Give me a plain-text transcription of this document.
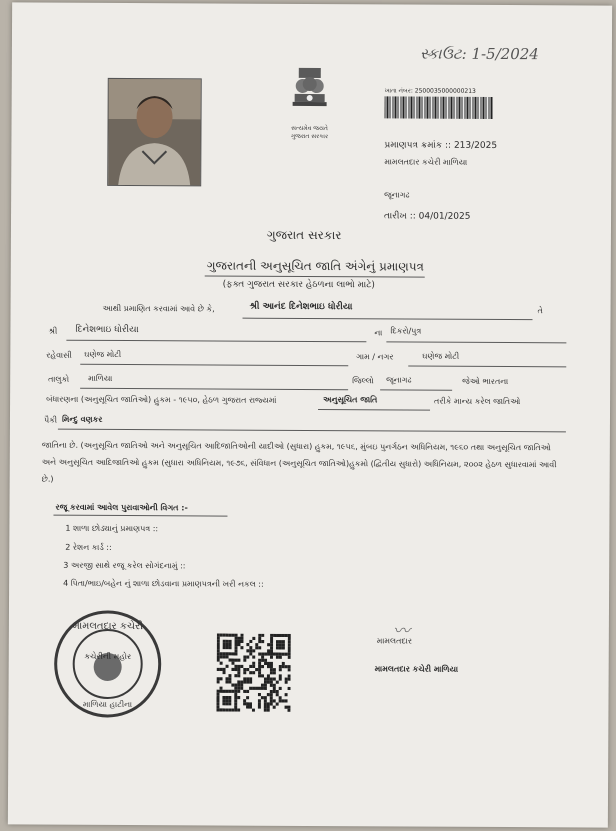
સ્કાઉટ: 1-5/2024
સત્યમેવ જયતે
ગુજરાત સરકાર
ખાતા નંબર: 2500035000000213
પ્રમાણપત્ર ક્રમાંક :: 213/2025
મામલતદાર કચેરી માળિયા
જૂનાગઢ
તારીખ :: 04/01/2025
ગુજરાત સરકાર
ગુજરાતની અનુસૂચિત જાતિ અંગેનું પ્રમાણપત્ર
(ફક્ત ગુજરાત સરકાર હેઠળના લાભો માટે)
આથી પ્રમાણિત કરવામાં આવે છે કે,	શ્રી આનંદ દિનેશભાઇ ધોરીયા	તે
શ્રી દિનેશભાઇ ધોરીયા	ના દિકરો/પુત્ર
રહેવાસી ઘણેજ મોટી	ગામ / નગર	ઘણેજ મોટી
તાલુકો માળિયા	જિલ્લો જૂનાગઢ	જેઓ ભારતના
બંધારણના (અનુસૂચિત જાતિઓ) હુકમ - ૧૯૫૦, હેઠળ ગુજરાત રાજ્યમાં	અનુસૂચિત જાતિ	તરીકે માન્ય કરેલ જાતિઓ
પૈકી મિન્દુ વણકર
જાતિના છે. (અનુસૂચિત જાતિઓ અને અનુસૂચિત આદિજાતિઓની યાદીઓ (સુધારા) હુકમ, ૧૯૫૬, મુંબઇ પુનર્ગઠન અધિનિયમ, ૧૯૬૦ તથા અનુસૂચિત જાતિઓ અને અનુસૂચિત આદિજાતિઓ હુકમ (સુધારા અધિનિયમ, ૧૯૭૬, સંવિધાન (અનુસૂચિત જાતિઓ)હુકમો (દ્વિતીય સુધારો) અધિનિયમ, ૨૦૦૨ હેઠળ સુધારવામાં આવી છે.)
રજૂ કરવામાં આવેલ પુરાવાઓની વિગત :-
1 શાળા છોડ્યાનું પ્રમાણપત્ર ::
2 રેશન કાર્ડ ::
3 અરજી સાથે રજૂ કરેલ સોગંદનામું ::
4 પિતા/ભાઇ/બહેન નું શાળા છોડવાના પ્રમાણપત્રની ખરી નકલ ::
મામલતદાર કચેરી
કચેરીની મહોર
માળિયા હાટીના
〰
મામલતદાર
મામલતદાર કચેરી માળિયા
